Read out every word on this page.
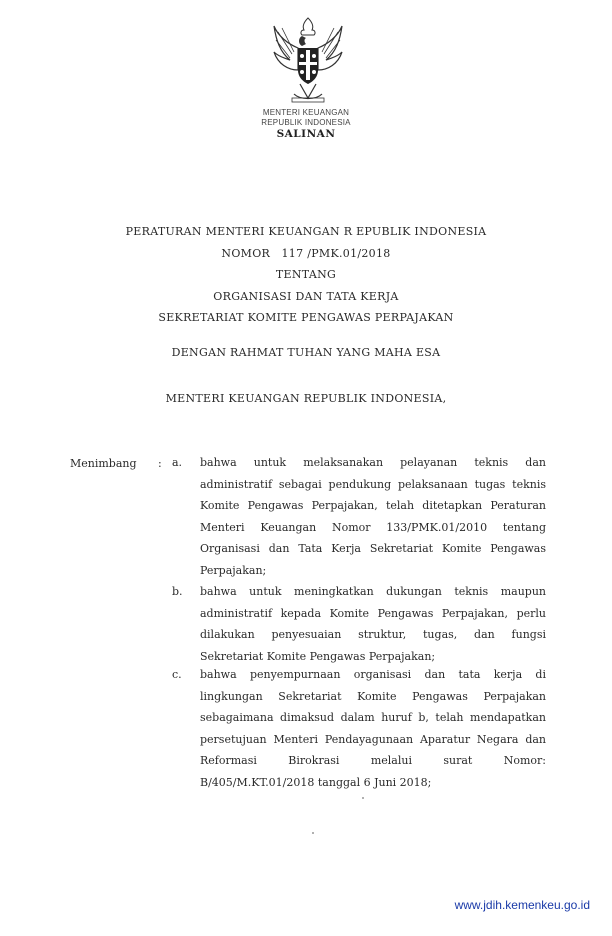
MENTERI KEUANGAN
REPUBLIK INDONESIA
SALINAN
PERATURAN MENTERI KEUANGAN R EPUBLIK INDONESIA
NOMOR   117 /PMK.01/2018
TENTANG
ORGANISASI DAN TATA KERJA
SEKRETARIAT KOMITE PENGAWAS PERPAJAKAN
DENGAN RAHMAT TUHAN YANG MAHA ESA
MENTERI KEUANGAN REPUBLIK INDONESIA,
Menimbang : a. bahwa untuk melaksanakan pelayanan teknis dan administratif sebagai pendukung pelaksanaan tugas teknis Komite Pengawas Perpajakan, telah ditetapkan Peraturan Menteri Keuangan Nomor 133/PMK.01/2010 tentang Organisasi dan Tata Kerja Sekretariat Komite Pengawas Perpajakan;
b. bahwa untuk meningkatkan dukungan teknis maupun administratif kepada Komite Pengawas Perpajakan, perlu dilakukan penyesuaian struktur, tugas, dan fungsi Sekretariat Komite Pengawas Perpajakan;
c. bahwa penyempurnaan organisasi dan tata kerja di lingkungan Sekretariat Komite Pengawas Perpajakan sebagaimana dimaksud dalam huruf b, telah mendapatkan persetujuan Menteri Pendayagunaan Aparatur Negara dan Reformasi Birokrasi melalui surat Nomor: B/405/M.KT.01/2018 tanggal 6 Juni 2018;
www.jdih.kemenkeu.go.id
